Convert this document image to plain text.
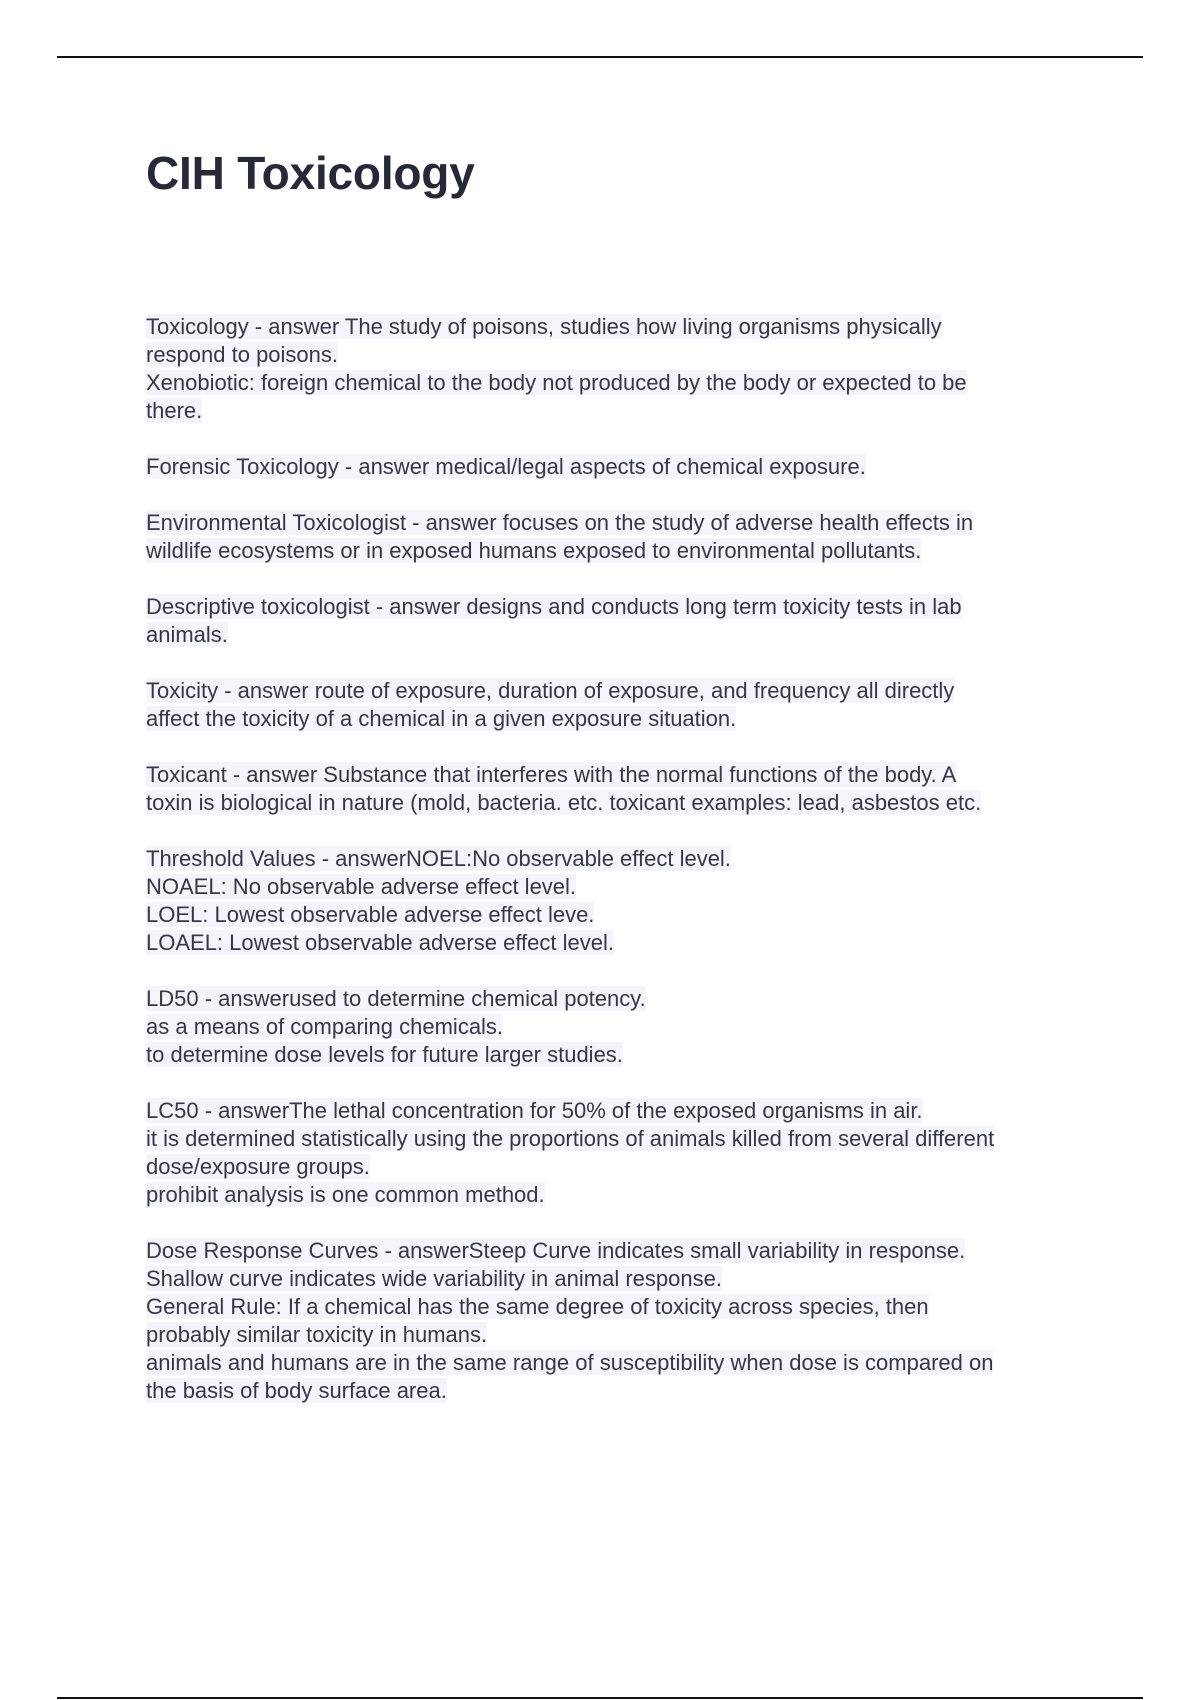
CIH Toxicology
Toxicology - answer The study of poisons, studies how living organisms physically
respond to poisons.
Xenobiotic: foreign chemical to the body not produced by the body or expected to be
there.
Forensic Toxicology - answer medical/legal aspects of chemical exposure.
Environmental Toxicologist - answer focuses on the study of adverse health effects in
wildlife ecosystems or in exposed humans exposed to environmental pollutants.
Descriptive toxicologist - answer designs and conducts long term toxicity tests in lab
animals.
Toxicity - answer route of exposure, duration of exposure, and frequency all directly
affect the toxicity of a chemical in a given exposure situation.
Toxicant - answer Substance that interferes with the normal functions of the body. A
toxin is biological in nature (mold, bacteria. etc. toxicant examples: lead, asbestos etc.
Threshold Values - answerNOEL:No observable effect level.
NOAEL: No observable adverse effect level.
LOEL: Lowest observable adverse effect leve.
LOAEL: Lowest observable adverse effect level.
LD50 - answerused to determine chemical potency.
as a means of comparing chemicals.
to determine dose levels for future larger studies.
LC50 - answerThe lethal concentration for 50% of the exposed organisms in air.
it is determined statistically using the proportions of animals killed from several different
dose/exposure groups.
prohibit analysis is one common method.
Dose Response Curves - answerSteep Curve indicates small variability in response.
Shallow curve indicates wide variability in animal response.
General Rule: If a chemical has the same degree of toxicity across species, then
probably similar toxicity in humans.
animals and humans are in the same range of susceptibility when dose is compared on
the basis of body surface area.
